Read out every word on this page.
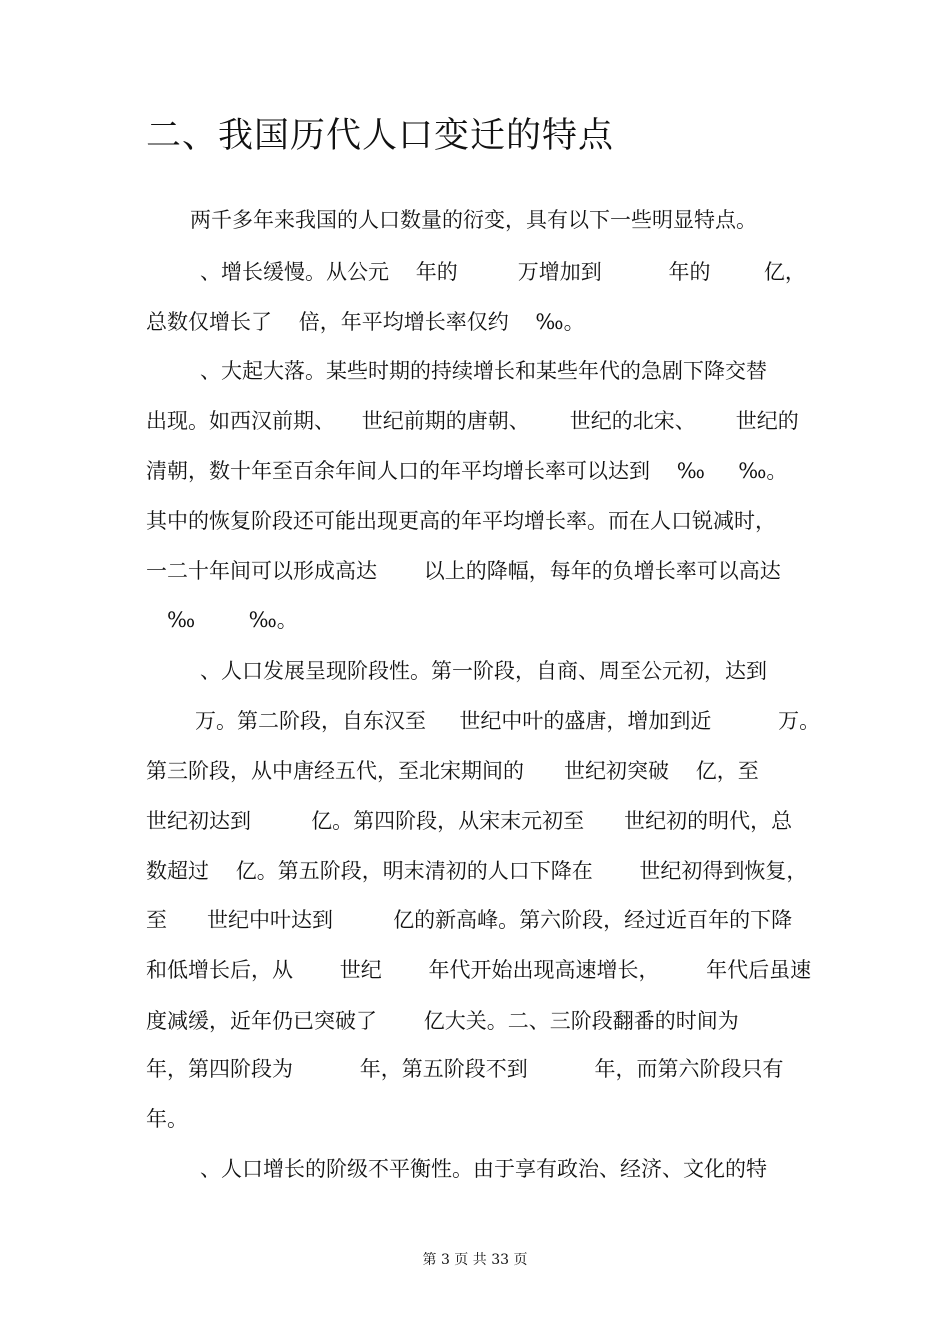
二、我国历代人口变迁的特点
两千多年来我国的人口数量的衍变，具有以下一些明显特点。
、增长缓慢。从公元    年的         万增加到          年的        亿，
总数仅增长了    倍，年平均增长率仅约    ‰。
、大起大落。某些时期的持续增长和某些年代的急剧下降交替
出现。如西汉前期、    世纪前期的唐朝、      世纪的北宋、      世纪的
清朝，数十年至百余年间人口的年平均增长率可以达到    ‰     ‰。
其中的恢复阶段还可能出现更高的年平均增长率。而在人口锐减时，
一二十年间可以形成高达       以上的降幅，每年的负增长率可以高达
‰        ‰。
、人口发展呈现阶段性。第一阶段，自商、周至公元初，达到
万。第二阶段，自东汉至     世纪中叶的盛唐，增加到近          万。
第三阶段，从中唐经五代，至北宋期间的      世纪初突破    亿，至
世纪初达到         亿。第四阶段，从宋末元初至      世纪初的明代，总
数超过    亿。第五阶段，明末清初的人口下降在       世纪初得到恢复，
至      世纪中叶达到         亿的新高峰。第六阶段，经过近百年的下降
和低增长后，从       世纪       年代开始出现高速增长，       年代后虽速
度减缓，近年仍已突破了       亿大关。二、三阶段翻番的时间为
年，第四阶段为          年，第五阶段不到          年，而第六阶段只有
年。
、人口增长的阶级不平衡性。由于享有政治、经济、文化的特
第 3 页 共 33 页
